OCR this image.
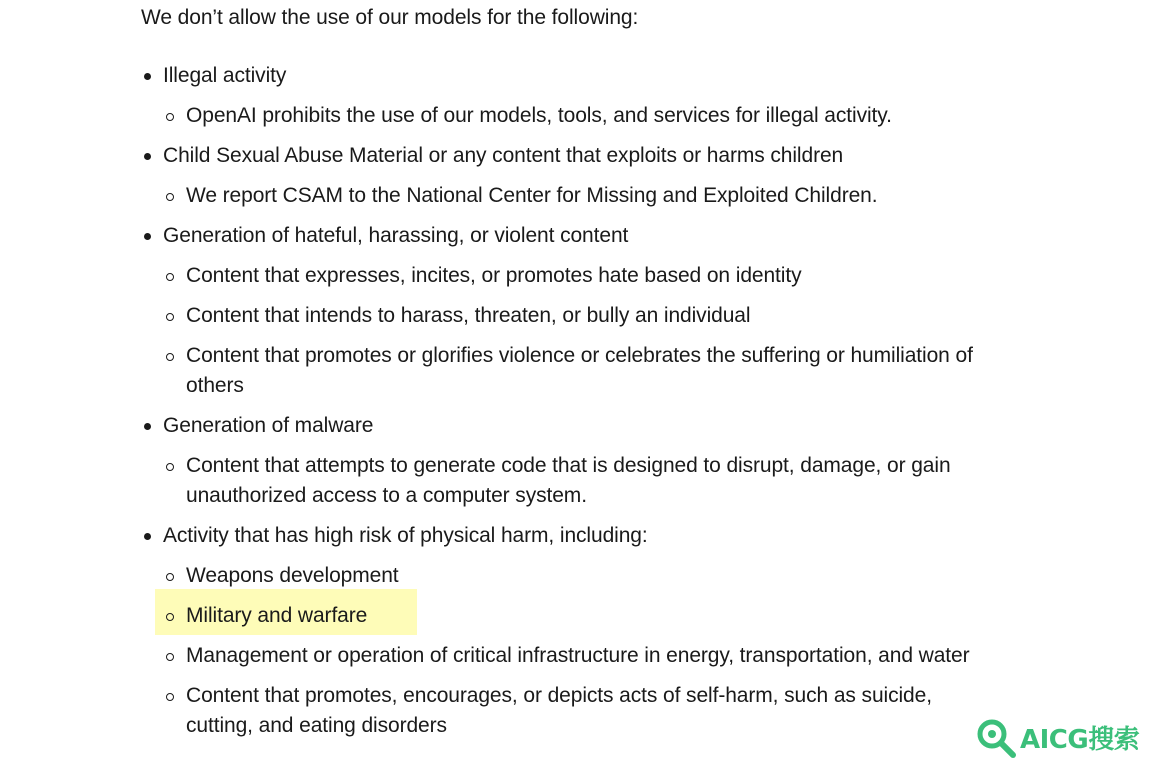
We don’t allow the use of our models for the following:

Illegal activity
OpenAI prohibits the use of our models, tools, and services for illegal activity.
Child Sexual Abuse Material or any content that exploits or harms children
We report CSAM to the National Center for Missing and Exploited Children.
Generation of hateful, harassing, or violent content
Content that expresses, incites, or promotes hate based on identity
Content that intends to harass, threaten, or bully an individual
Content that promotes or glorifies violence or celebrates the suffering or humiliation of others
Generation of malware
Content that attempts to generate code that is designed to disrupt, damage, or gain unauthorized access to a computer system.
Activity that has high risk of physical harm, including:
Weapons development
Military and warfare
Management or operation of critical infrastructure in energy, transportation, and water
Content that promotes, encourages, or depicts acts of self-harm, such as suicide, cutting, and eating disorders	AICG搜索
